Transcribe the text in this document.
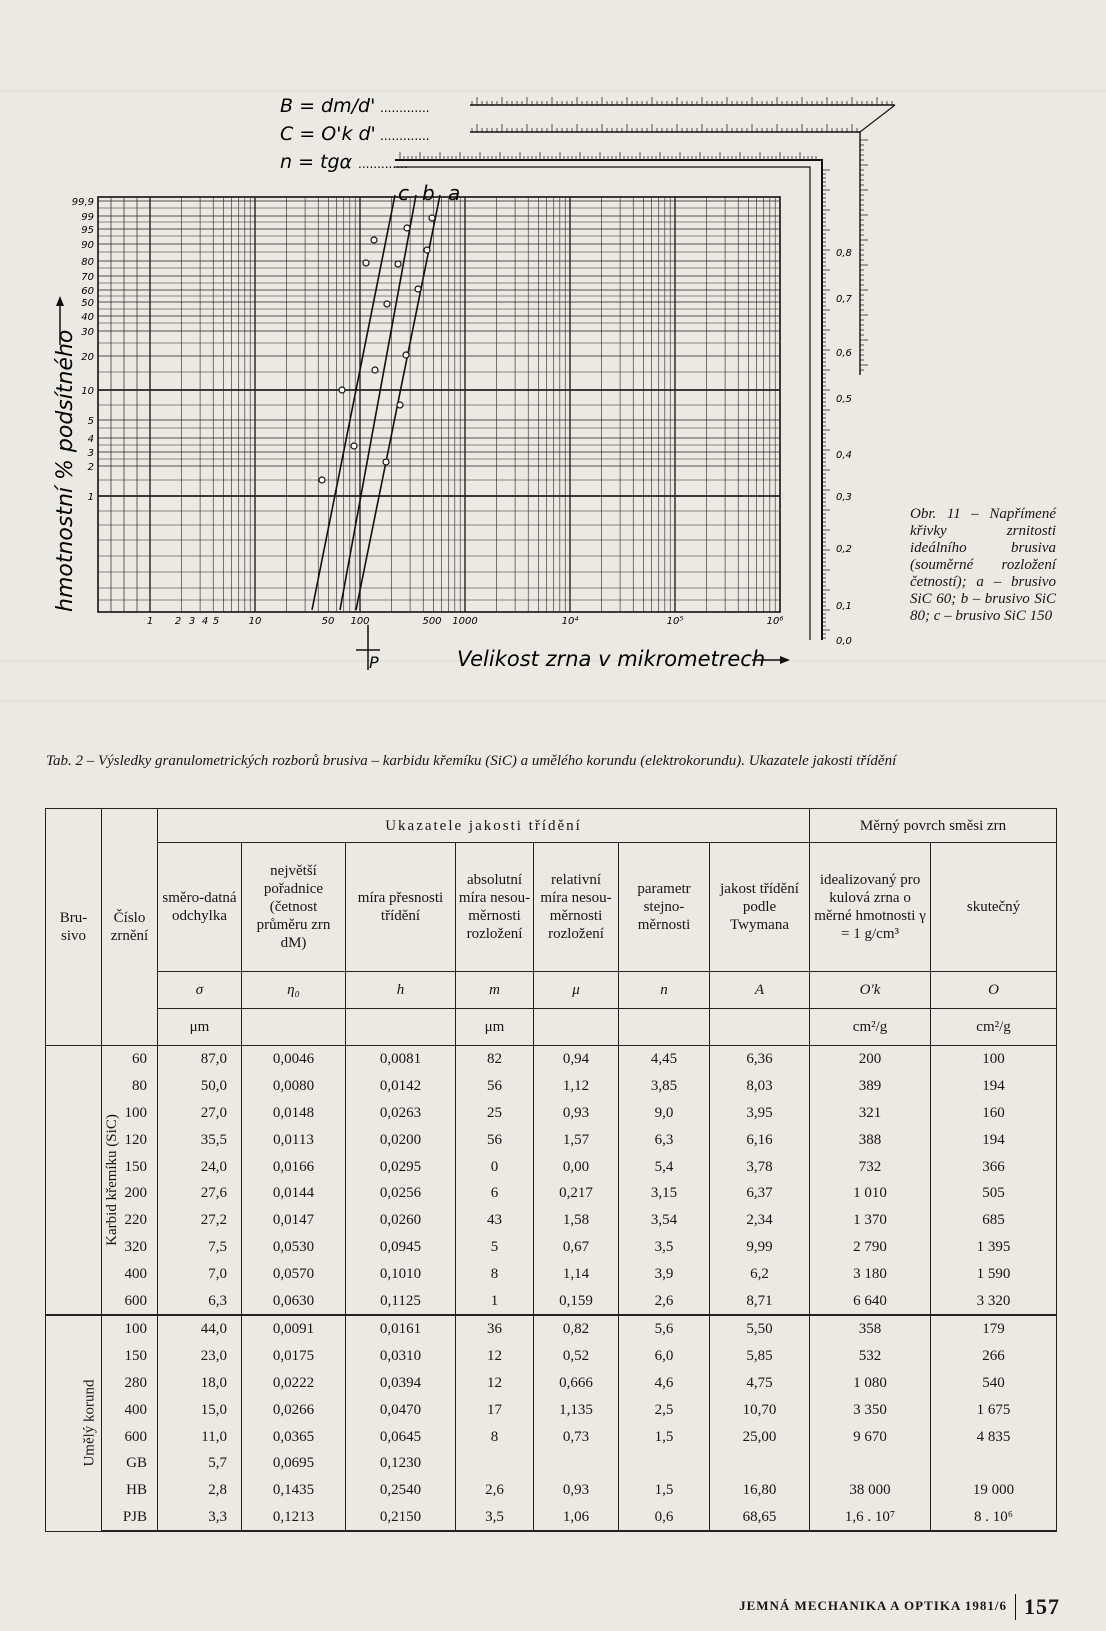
99,9
99
95
90
80
70
60
50
40
30
20
10
5
4
3
2
1
1 2 3 4 5	10	50 100	500 1000	10⁴	10⁵	10⁶
0,0
0,1
0,2
0,3
0,4
0,5
0,6
0,7
0,8
B = dm/d'
C = O'k d'
n = tgα
.............
.............
.............
c b a
hmotnostní % podsítného
Velikost zrna v mikrometrech
P
Obr. 11 – Napřímené křivky zrnitosti ideálního brusiva (souměrné rozložení četností); a – brusivo SiC 60; b – brusivo SiC 80; c – brusivo SiC 150
Tab. 2 – Výsledky granulometrických rozborů brusiva – karbidu křemíku (SiC) a umělého korundu (elektrokorundu). Ukazatele jakosti třídění
Bru-sivo	Číslo zrnění	Ukazatele jakosti třídění							Měrný povrch směsi zrn	
		směro-datná odchylka	největší pořadnice (četnost průměru zrn dM)	míra přesnosti třídění	absolutní míra nesou-měrnosti rozložení	relativní míra nesou-měrnosti rozložení	parametr stejno-měrnosti	jakost třídění podle Twymana	idealizovaný pro kulová zrna o měrné hmotnosti γ = 1 g/cm³	skutečný
		σ	η₀	h	m	μ	n	A	O'k	O
		μm			μm				cm²/g	cm²/g
Karbid křemíku (SiC)	60	87,0	0,0046	0,0081	82	0,94	4,45	6,36	200	100
	80	50,0	0,0080	0,0142	56	1,12	3,85	8,03	389	194
	100	27,0	0,0148	0,0263	25	0,93	9,0	3,95	321	160
	120	35,5	0,0113	0,0200	56	1,57	6,3	6,16	388	194
	150	24,0	0,0166	0,0295	0	0,00	5,4	3,78	732	366
	200	27,6	0,0144	0,0256	6	0,217	3,15	6,37	1 010	505
	220	27,2	0,0147	0,0260	43	1,58	3,54	2,34	1 370	685
	320	7,5	0,0530	0,0945	5	0,67	3,5	9,99	2 790	1 395
	400	7,0	0,0570	0,1010	8	1,14	3,9	6,2	3 180	1 590
	600	6,3	0,0630	0,1125	1	0,159	2,6	8,71	6 640	3 320
Umělý korund	100	44,0	0,0091	0,0161	36	0,82	5,6	5,50	358	179
	150	23,0	0,0175	0,0310	12	0,52	6,0	5,85	532	266
	280	18,0	0,0222	0,0394	12	0,666	4,6	4,75	1 080	540
	400	15,0	0,0266	0,0470	17	1,135	2,5	10,70	3 350	1 675
	600	11,0	0,0365	0,0645	8	0,73	1,5	25,00	9 670	4 835
	GB	5,7	0,0695	0,1230						
	HB	2,8	0,1435	0,2540	2,6	0,93	1,5	16,80	38 000	19 000
	PJB	3,3	0,1213	0,2150	3,5	1,06	0,6	68,65	1,6 . 10⁷	8 . 10⁶
JEMNÁ MECHANIKA A OPTIKA 1981/6 157
